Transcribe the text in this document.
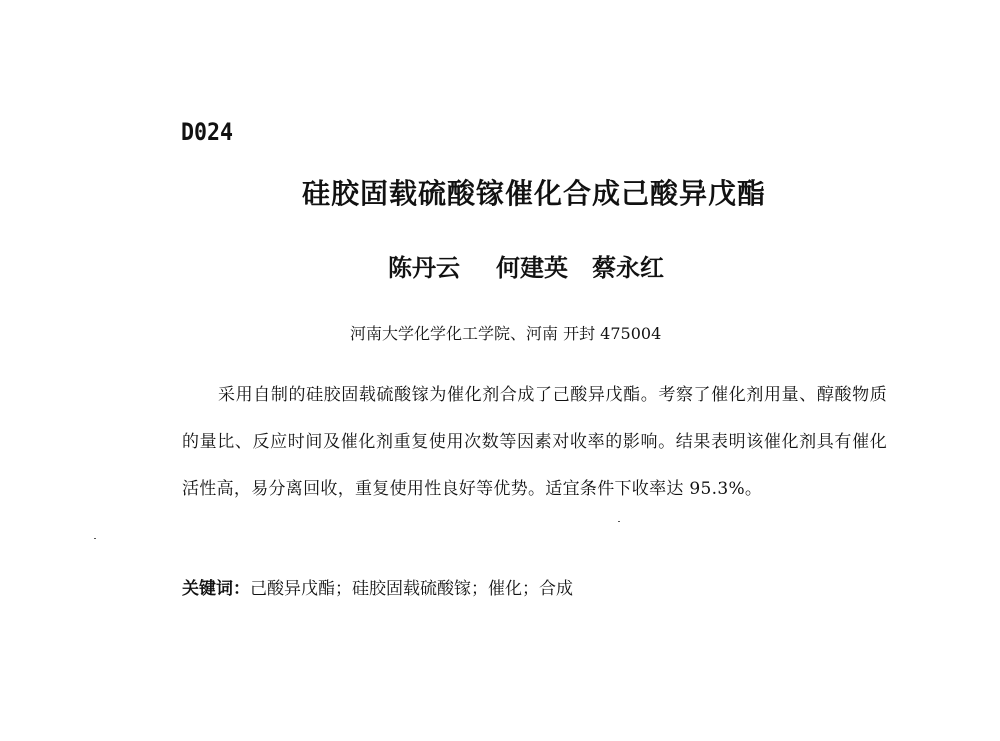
D024
硅胶固载硫酸镓催化合成己酸异戊酯
陈丹云 何建英 蔡永红
河南大学化学化工学院、河南 开封 475004
采用自制的硅胶固载硫酸镓为催化剂合成了己酸异戊酯。考察了催化剂用量、醇酸物质的量比、反应时间及催化剂重复使用次数等因素对收率的影响。结果表明该催化剂具有催化活性高，易分离回收，重复使用性良好等优势。适宜条件下收率达 95.3%。
关键词：己酸异戊酯；硅胶固载硫酸镓；催化；合成
